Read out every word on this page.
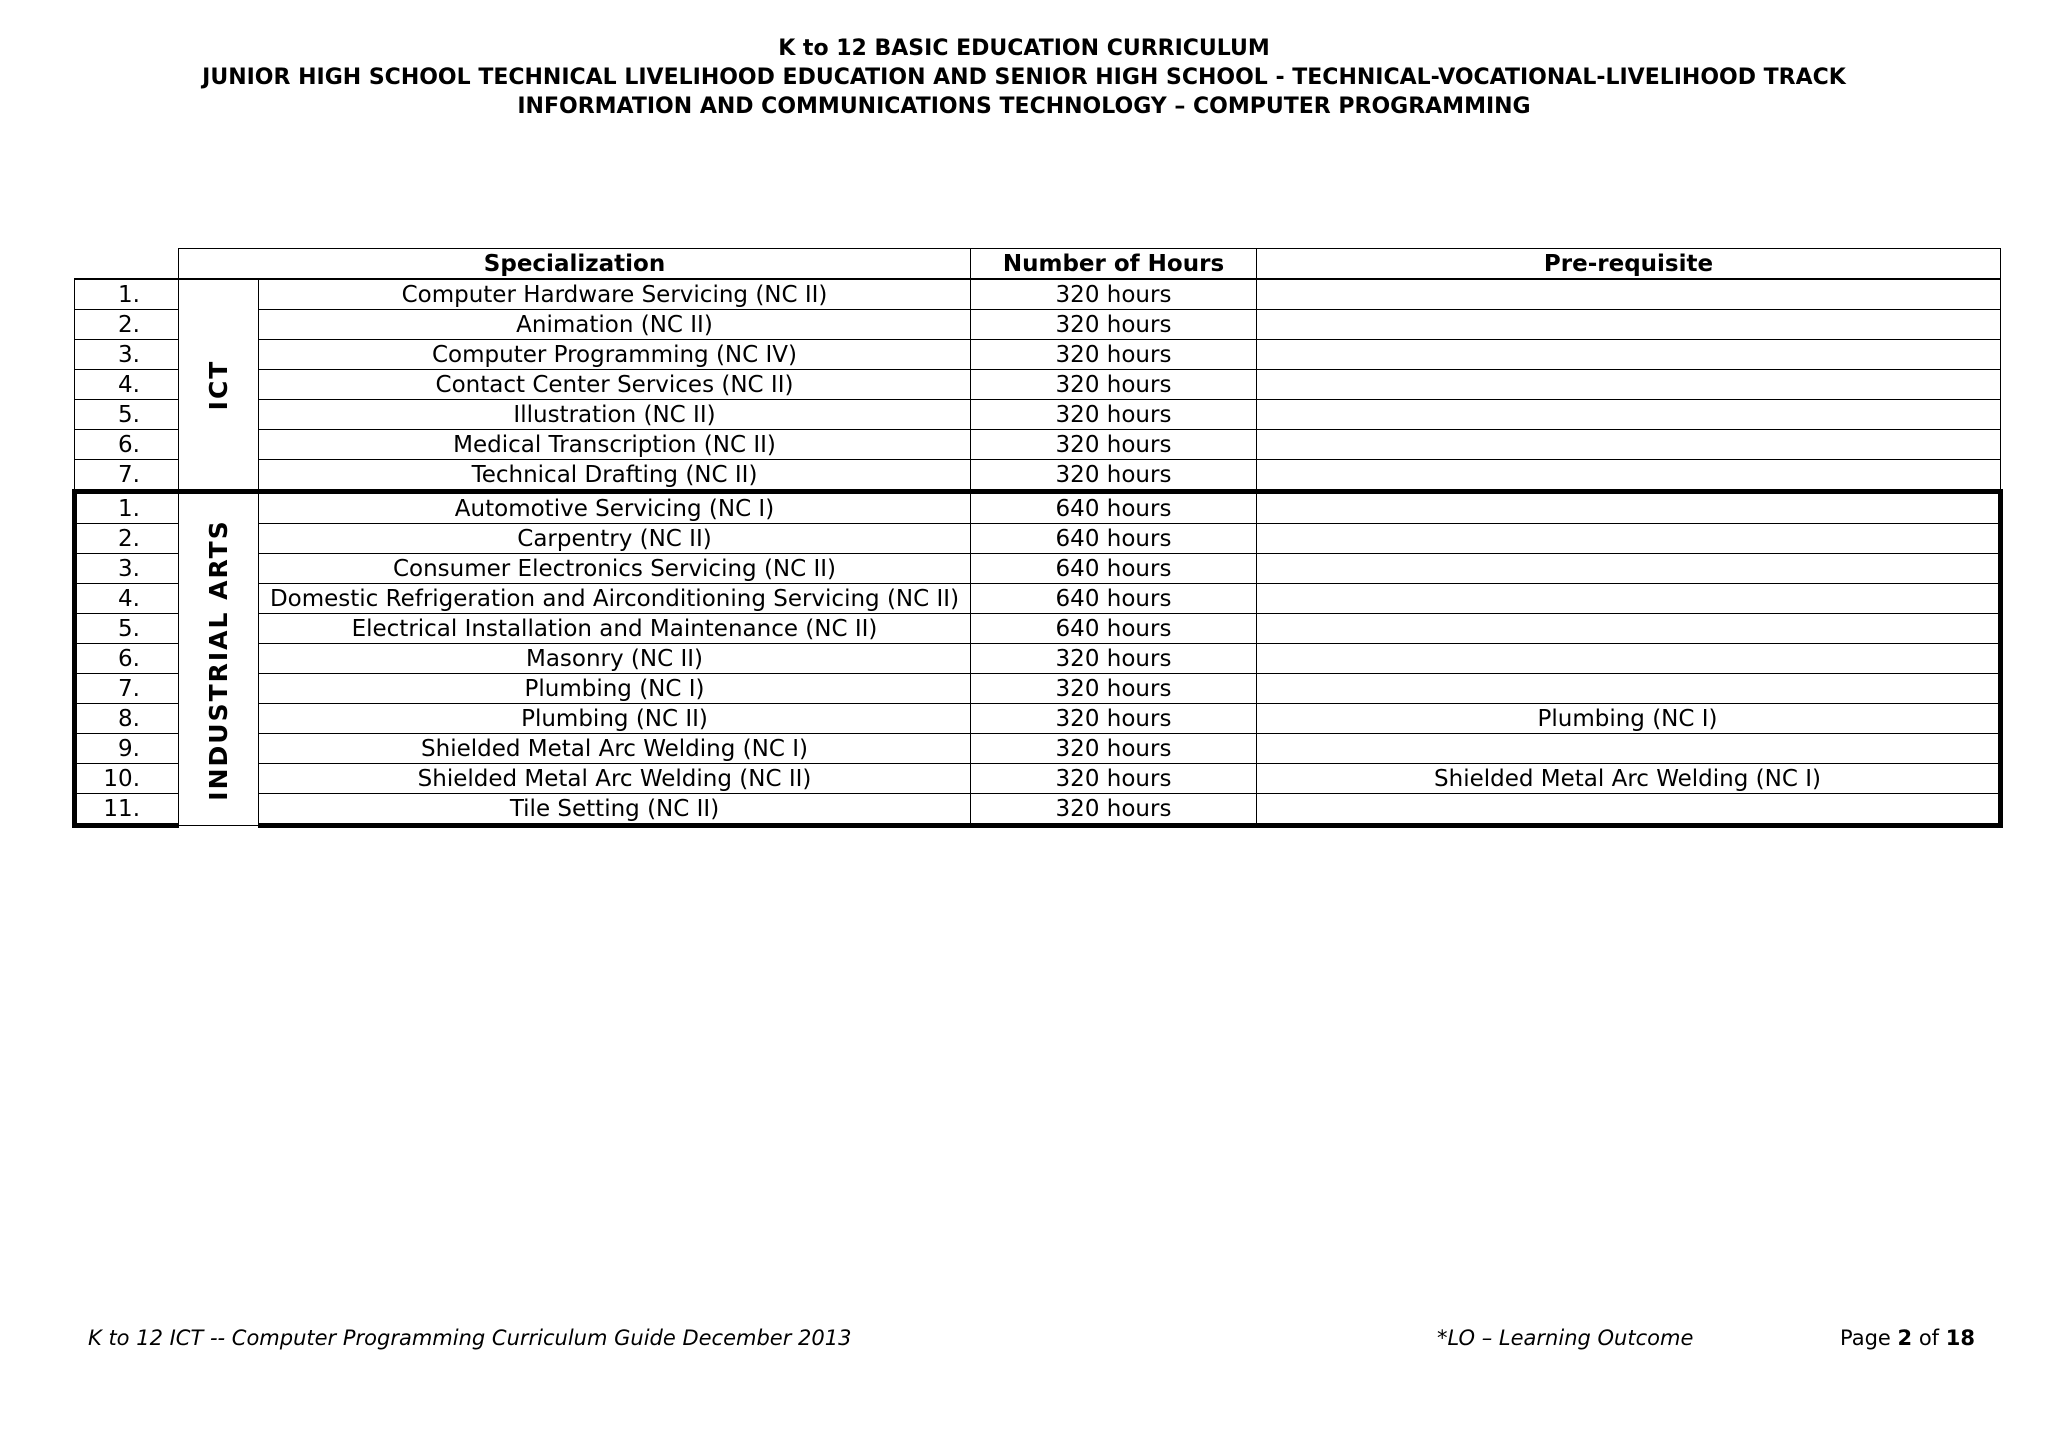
K to 12 BASIC EDUCATION CURRICULUM
JUNIOR HIGH SCHOOL TECHNICAL LIVELIHOOD EDUCATION AND SENIOR HIGH SCHOOL - TECHNICAL-VOCATIONAL-LIVELIHOOD TRACK
INFORMATION AND COMMUNICATIONS TECHNOLOGY – COMPUTER PROGRAMMING
	Specialization		Number of Hours	Pre-requisite
1.	ICT	Computer Hardware Servicing (NC II)	320 hours	
2.		Animation (NC II)	320 hours	
3.		Computer Programming (NC IV)	320 hours	
4.		Contact Center Services (NC II)	320 hours	
5.		Illustration (NC II)	320 hours	
6.		Medical Transcription (NC II)	320 hours	
7.		Technical Drafting (NC II)	320 hours	
1.	INDUSTRIAL ARTS	Automotive Servicing (NC I)	640 hours	
2.		Carpentry (NC II)	640 hours	
3.		Consumer Electronics Servicing (NC II)	640 hours	
4.		Domestic Refrigeration and Airconditioning Servicing (NC II)	640 hours	
5.		Electrical Installation and Maintenance (NC II)	640 hours	
6.		Masonry (NC II)	320 hours	
7.		Plumbing (NC I)	320 hours	
8.		Plumbing (NC II)	320 hours	Plumbing (NC I)
9.		Shielded Metal Arc Welding (NC I)	320 hours	
10.		Shielded Metal Arc Welding (NC II)	320 hours	Shielded Metal Arc Welding (NC I)
11.		Tile Setting (NC II)	320 hours	
K to 12 ICT -- Computer Programming Curriculum Guide December 2013	*LO – Learning Outcome	Page 2 of 18
